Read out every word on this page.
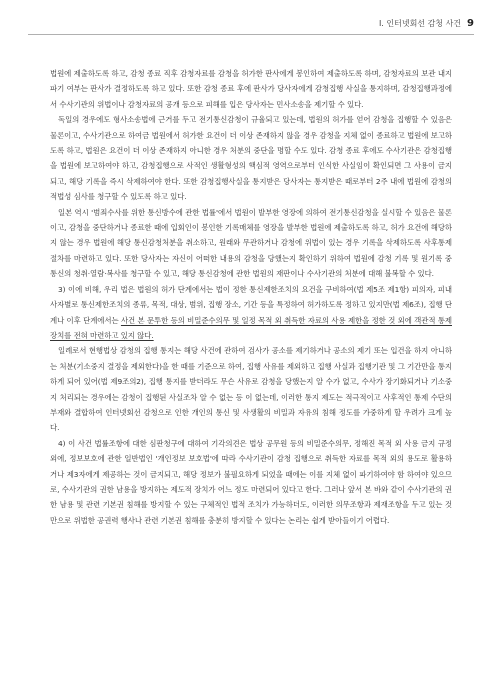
I. 인터넷회선 감청 사건 9

법원에 제출하도록 하고, 감청 종료 직후 감청자료를 감청을 허가한 판사에게 봉인하여 제출하도록 하며, 감청자료의 보관 내지 파기 여부는 판사가 결정하도록 하고 있다. 또한 감청 종료 후에 판사가 당사자에게 감청집행 사실을 통지하며, 감청집행과정에서 수사기관의 위법이나 감청자료의 공개 등으로 피해를 입은 당사자는 민사소송을 제기할 수 있다.

독일의 경우에도 형사소송법에 근거를 두고 전기통신감청이 규율되고 있는데, 법원의 허가를 얻어 감청을 집행할 수 있음은 물론이고, 수사기관으로 하여금 법원에서 허가한 요건이 더 이상 존재하지 않을 경우 감청을 지체 없이 종료하고 법원에 보고하도록 하고, 법원은 요건이 더 이상 존재하지 아니한 경우 처분의 중단을 명할 수도 있다. 감청 종료 후에도 수사기관은 감청집행을 법원에 보고하여야 하고, 감청집행으로 사적인 생활형성의 핵심적 영역으로부터 인식한 사실임이 확인되면 그 사용이 금지되고, 해당 기록을 즉시 삭제하여야 한다. 또한 감청집행사실을 통지받은 당사자는 통지받은 때로부터 2주 내에 법원에 감청의 적법성 심사를 청구할 수 있도록 하고 있다.

일본 역시 '범죄수사를 위한 통신방수에 관한 법률'에서 법원이 발부한 영장에 의하여 전기통신감청을 실시할 수 있음은 물론이고, 감청을 중단하거나 종료한 때에 입회인이 봉인한 기록매체를 영장을 발부한 법원에 제출하도록 하고, 허가 요건에 해당하지 않는 경우 법원에 해당 통신감청처분을 취소하고, 원래와 무관하거나 감청에 위법이 있는 경우 기록을 삭제하도록 사후통제절차를 마련하고 있다. 또한 당사자는 자신이 어떠한 내용의 감청을 당했는지 확인하기 위하여 법원에 감청 기록 및 원기록 중 통신의 청취·열람·복사를 청구할 수 있고, 해당 통신감청에 관한 법원의 재판이나 수사기관의 처분에 대해 불복할 수 있다.

3) 이에 비해, 우리 법은 법원의 허가 단계에서는 법이 정한 통신제한조치의 요건을 구비하여(법 제5조 제1항) 피의자, 피내사자별로 통신제한조치의 종류, 목적, 대상, 범위, 집행 장소, 기간 등을 특정하여 허가하도록 정하고 있지만(법 제6조), 집행 단계나 이후 단계에서는 사건 본 문투한 등의 비밀준수의무 및 일정 목적 외 취득한 자료의 사용 제한을 정한 것 외에 객관적 통제 장치를 전혀 마련하고 있지 않다.

일례로서 현행법상 감청의 집행 통지는 해당 사건에 관하여 검사가 공소를 제기하거나 공소의 제기 또는 입건을 하지 아니하는 처분(기소중지 결정을 제외한다)을 한 때를 기준으로 하여, 집행 사유를 제외하고 집행 사실과 집행기관 및 그 기간만을 통지하게 되어 있어(법 제9조의2), 집행 통지를 받더라도 무슨 사유로 감청을 당했는지 알 수가 없고, 수사가 장기화되거나 기소중지 처리되는 경우에는 감청이 집행된 사실조차 알 수 없는 등 이 없는데, 이러한 통지 제도는 적극적이고 사후적인 통제 수단의 부재와 결합하여 인터넷회선 감청으로 인한 개인의 통신 및 사생활의 비밀과 자유의 침해 정도를 가중하게 할 우려가 크게 높다.

4) 이 사건 법률조항에 대한 심판청구에 대하여 기각의견은 법상 공무원 등의 비밀준수의무, 정해진 목적 외 사용 금지 규정 외에, 정보보호에 관한 일반법인 '개인정보 보호법'에 따라 수사기관이 감청 집행으로 취득한 자료를 목적 외의 용도로 활용하거나 제3자에게 제공하는 것이 금지되고, 해당 정보가 불필요하게 되었을 때에는 이를 지체 없이 파기하여야 함 하여야 있으므로, 수사기관의 권한 남용을 방지하는 제도적 장치가 어느 정도 마련되어 있다고 한다. 그러나 앞서 본 바와 같이 수사기관의 권한 남용 및 관련 기본권 침해를 방지할 수 있는 구체적인 법적 조치가 가능하더도, 이러한 의무조항과 제재조항을 두고 있는 것만으로 위법한 공권력 행사나 관련 기본권 침해를 충분히 방지할 수 있다는 논리는 쉽게 받아들이기 어렵다.
